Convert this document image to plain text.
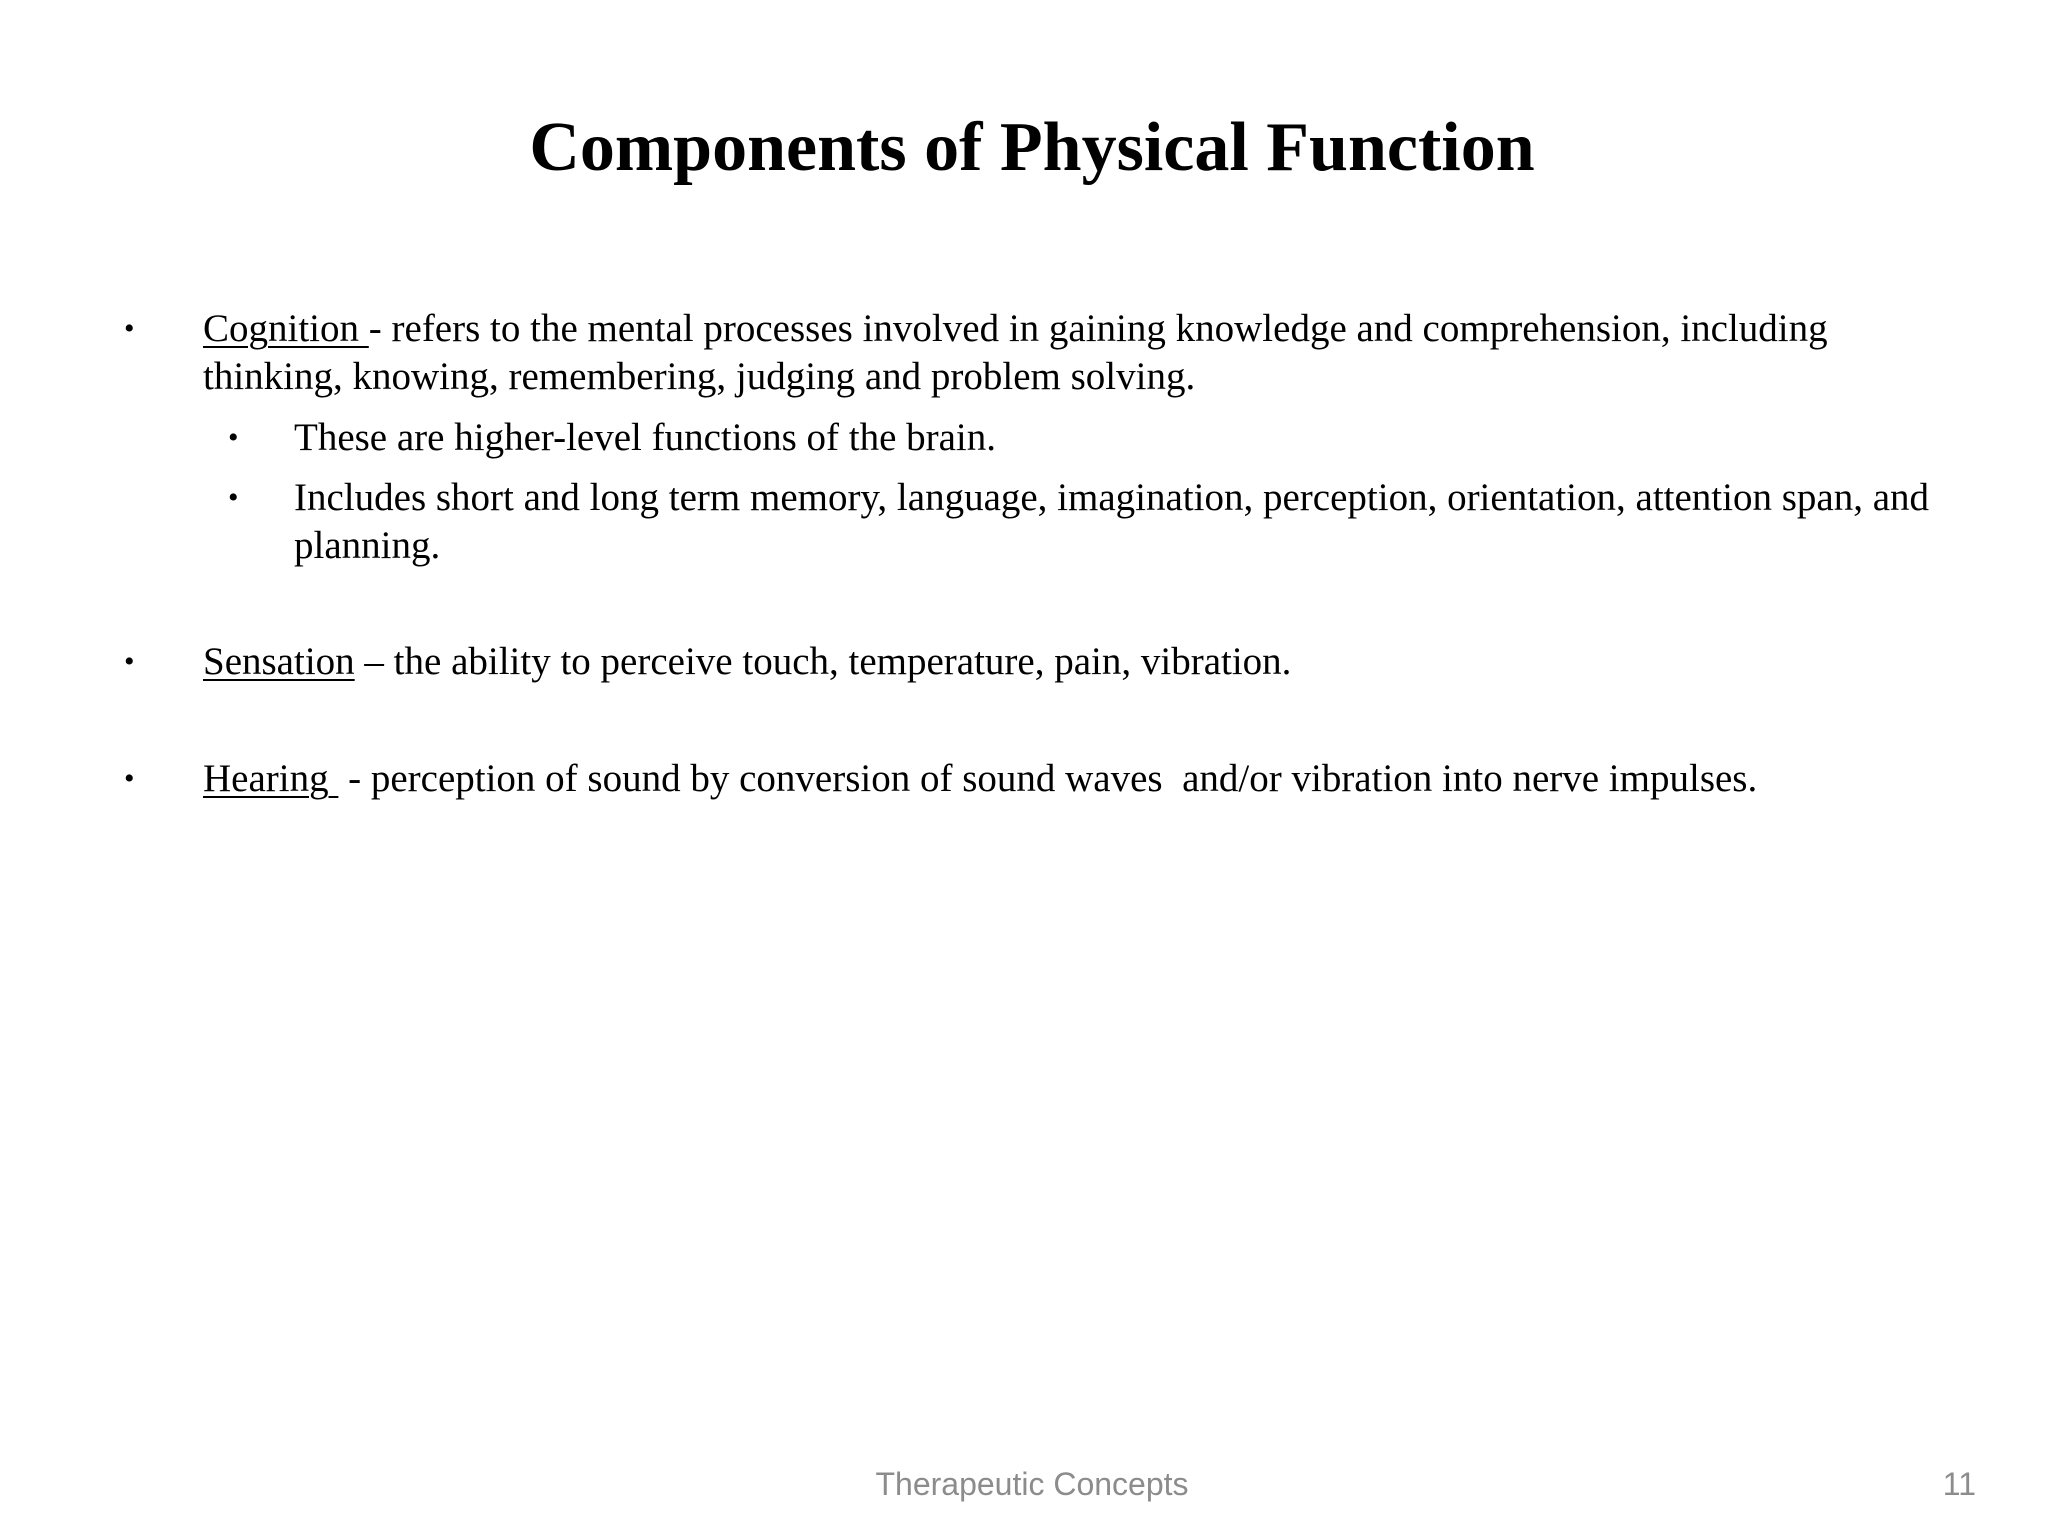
Components of Physical Function
• Cognition - refers to the mental processes involved in gaining knowledge and comprehension, including thinking, knowing, remembering, judging and problem solving.
• These are higher-level functions of the brain.
• Includes short and long term memory, language, imagination, perception, orientation, attention span, and planning.
• Sensation – the ability to perceive touch, temperature, pain, vibration.
• Hearing  - perception of sound by conversion of sound waves  and/or vibration into nerve impulses.
Therapeutic Concepts	11
